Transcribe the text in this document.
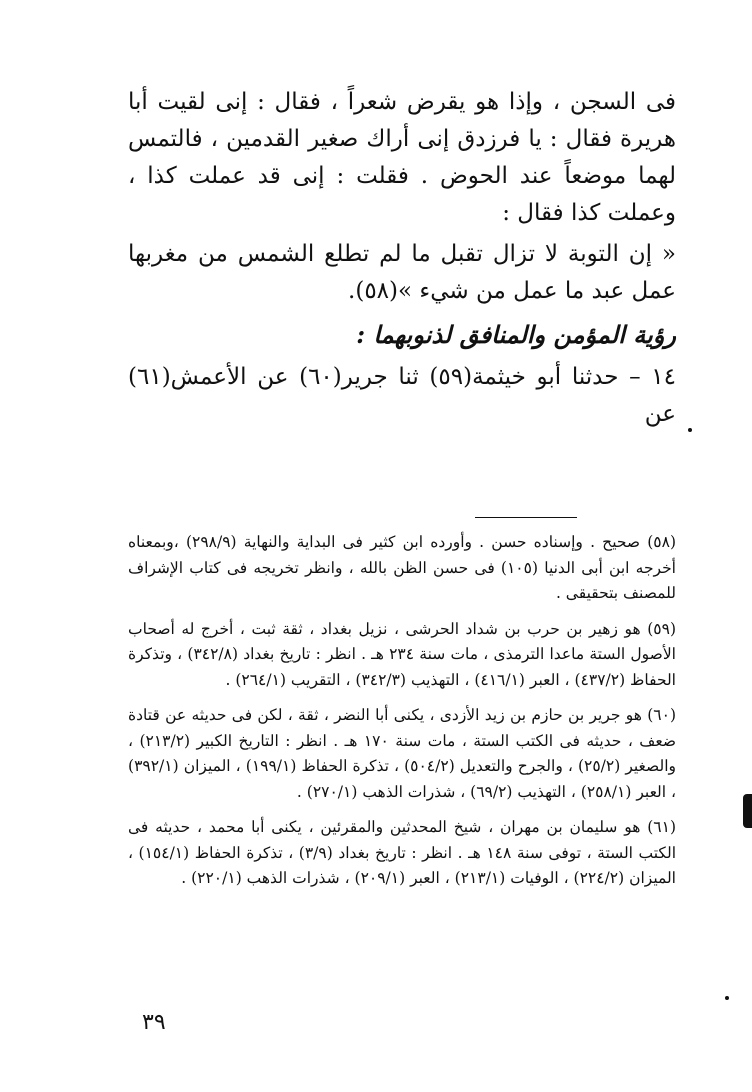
فى السجن ، وإذا هو يقرض شعراً ، فقال : إنى لقيت أبا هريرة فقال : يا فرزدق إنى أراك صغير القدمين ، فالتمس لهما موضعاً عند الحوض . فقلت : إنى قد عملت كذا ، وعملت كذا فقال :

« إن التوبة لا تزال تقبل ما لم تطلع الشمس من مغربها عمل عبد ما عمل من شيء »(٥٨).

رؤية المؤمن والمنافق لذنوبهما :

١٤ – حدثنا أبو خيثمة(٥٩) ثنا جرير(٦٠) عن الأعمش(٦١) عن

(٥٨) صحيح . وإسناده حسن . وأورده ابن كثير فى البداية والنهاية (٢٩٨/٩) ،وبمعناه أخرجه ابن أبى الدنيا (١٠٥) فى حسن الظن بالله ، وانظر تخريجه فى كتاب الإشراف للمصنف بتحقيقى .

(٥٩) هو زهير بن حرب بن شداد الحرشى ، نزيل بغداد ، ثقة ثبت ، أخرج له أصحاب الأصول الستة ماعدا الترمذى ، مات سنة ٢٣٤ هـ . انظر : تاريخ بغداد (٣٤٢/٨) ، وتذكرة الحفاظ (٤٣٧/٢) ، العبر (٤١٦/١) ، التهذيب (٣٤٢/٣) ، التقريب (٢٦٤/١) .

(٦٠) هو جرير بن حازم بن زيد الأزدى ، يكنى أبا النضر ، ثقة ، لكن فى حديثه عن قتادة ضعف ، حديثه فى الكتب الستة ، مات سنة ١٧٠ هـ . انظر : التاريخ الكبير (٢١٣/٢) ، والصغير (٢٥/٢) ، والجرح والتعديل (٥٠٤/٢) ، تذكرة الحفاظ (١٩٩/١) ، الميزان (٣٩٢/١) ، العبر (٢٥٨/١) ، التهذيب (٦٩/٢) ، شذرات الذهب (٢٧٠/١) .

(٦١) هو سليمان بن مهران ، شيخ المحدثين والمقرئين ، يكنى أبا محمد ، حديثه فى الكتب الستة ، توفى سنة ١٤٨ هـ . انظر : تاريخ بغداد (٣/٩) ، تذكرة الحفاظ (١٥٤/١) ، الميزان (٢٢٤/٢) ، الوفيات (٢١٣/١) ، العبر (٢٠٩/١) ، شذرات الذهب (٢٢٠/١) .

٣٩
